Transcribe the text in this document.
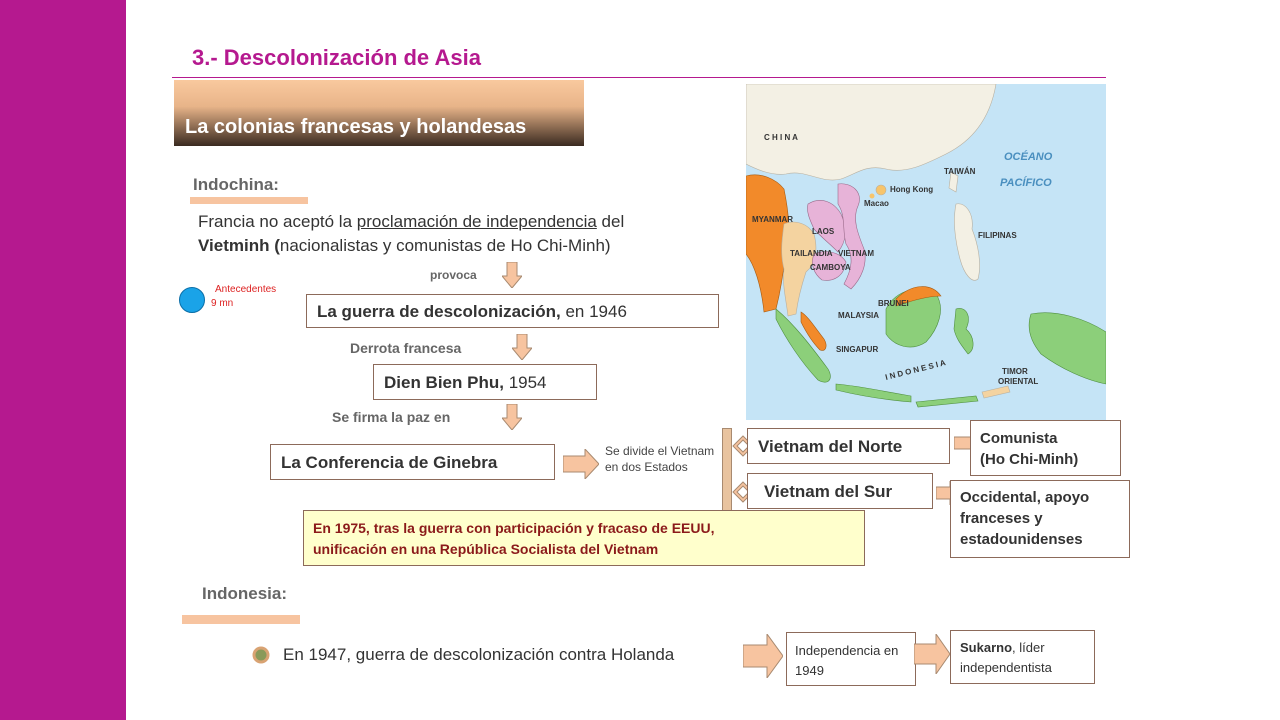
3.- Descolonización de Asia
La colonias francesas y holandesas
Indochina:
Francia no aceptó la proclamación de independencia del
Vietminh (nacionalistas y comunistas de Ho Chi-Minh)
provoca
Antecedentes
9 mn	La guerra de descolonización, en 1946
Derrota francesa
Dien Bien Phu, 1954
Se firma la paz en
La Conferencia de Ginebra
Se divide el Vietnam en dos Estados
Vietnam del Norte	Comunista
(Ho Chi-Minh)
Vietnam del Sur	Occidental, apoyo franceses y estadounidenses
En 1975, tras la guerra con participación y fracaso de EEUU,
unificación en una República Socialista del Vietnam
Indonesia:
En 1947, guerra de descolonización contra Holanda	Independencia en 1949
Sukarno, líder independentista
C H I N A
OCÉANO
PACÍFICO
TAIWÁN
Hong Kong
Macao
MYANMAR
LAOS
TAILANDIA VIETNAM
CAMBOYA
FILIPINAS
BRUNEI
MALAYSIA
SINGAPUR
I N D O N E S I A	TIMOR
ORIENTAL
